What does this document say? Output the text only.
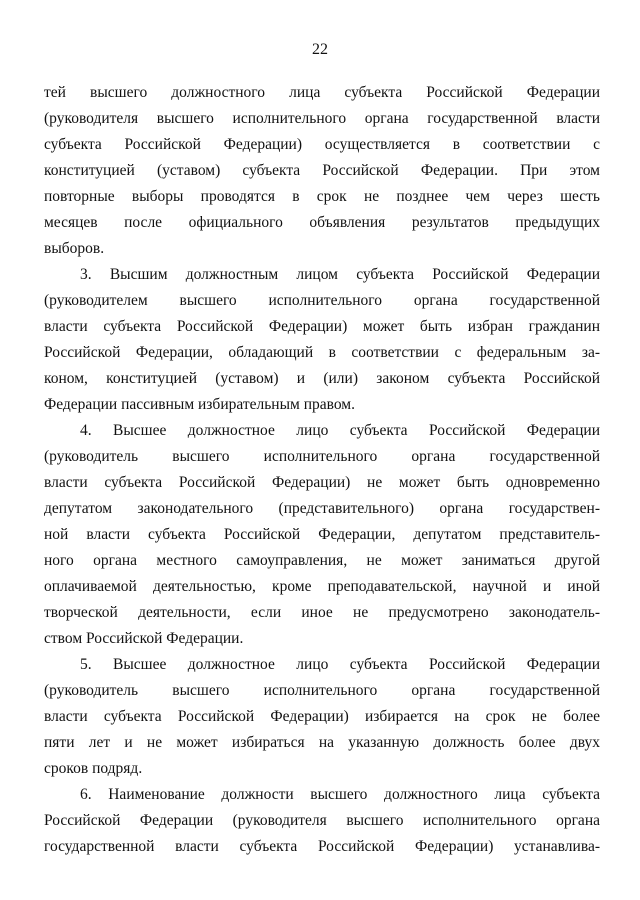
22
тей высшего должностного лица субъекта Российской Федерации
(руководителя высшего исполнительного органа государственной власти
субъекта Российской Федерации) осуществляется в соответствии с
конституцией (уставом) субъекта Российской Федерации. При этом
повторные выборы проводятся в срок не позднее чем через шесть
месяцев после официального объявления результатов предыдущих
выборов.
3. Высшим должностным лицом субъекта Российской Федерации
(руководителем высшего исполнительного органа государственной
власти субъекта Российской Федерации) может быть избран гражданин
Российской Федерации, обладающий в соответствии с федеральным за-
коном, конституцией (уставом) и (или) законом субъекта Российской
Федерации пассивным избирательным правом.
4. Высшее должностное лицо субъекта Российской Федерации
(руководитель высшего исполнительного органа государственной
власти субъекта Российской Федерации) не может быть одновременно
депутатом законодательного (представительного) органа государствен-
ной власти субъекта Российской Федерации, депутатом представитель-
ного органа местного самоуправления, не может заниматься другой
оплачиваемой деятельностью, кроме преподавательской, научной и иной
творческой деятельности, если иное не предусмотрено законодатель-
ством Российской Федерации.
5. Высшее должностное лицо субъекта Российской Федерации
(руководитель высшего исполнительного органа государственной
власти субъекта Российской Федерации) избирается на срок не более
пяти лет и не может избираться на указанную должность более двух
сроков подряд.
6. Наименование должности высшего должностного лица субъекта
Российской Федерации (руководителя высшего исполнительного органа
государственной власти субъекта Российской Федерации) устанавлива-
